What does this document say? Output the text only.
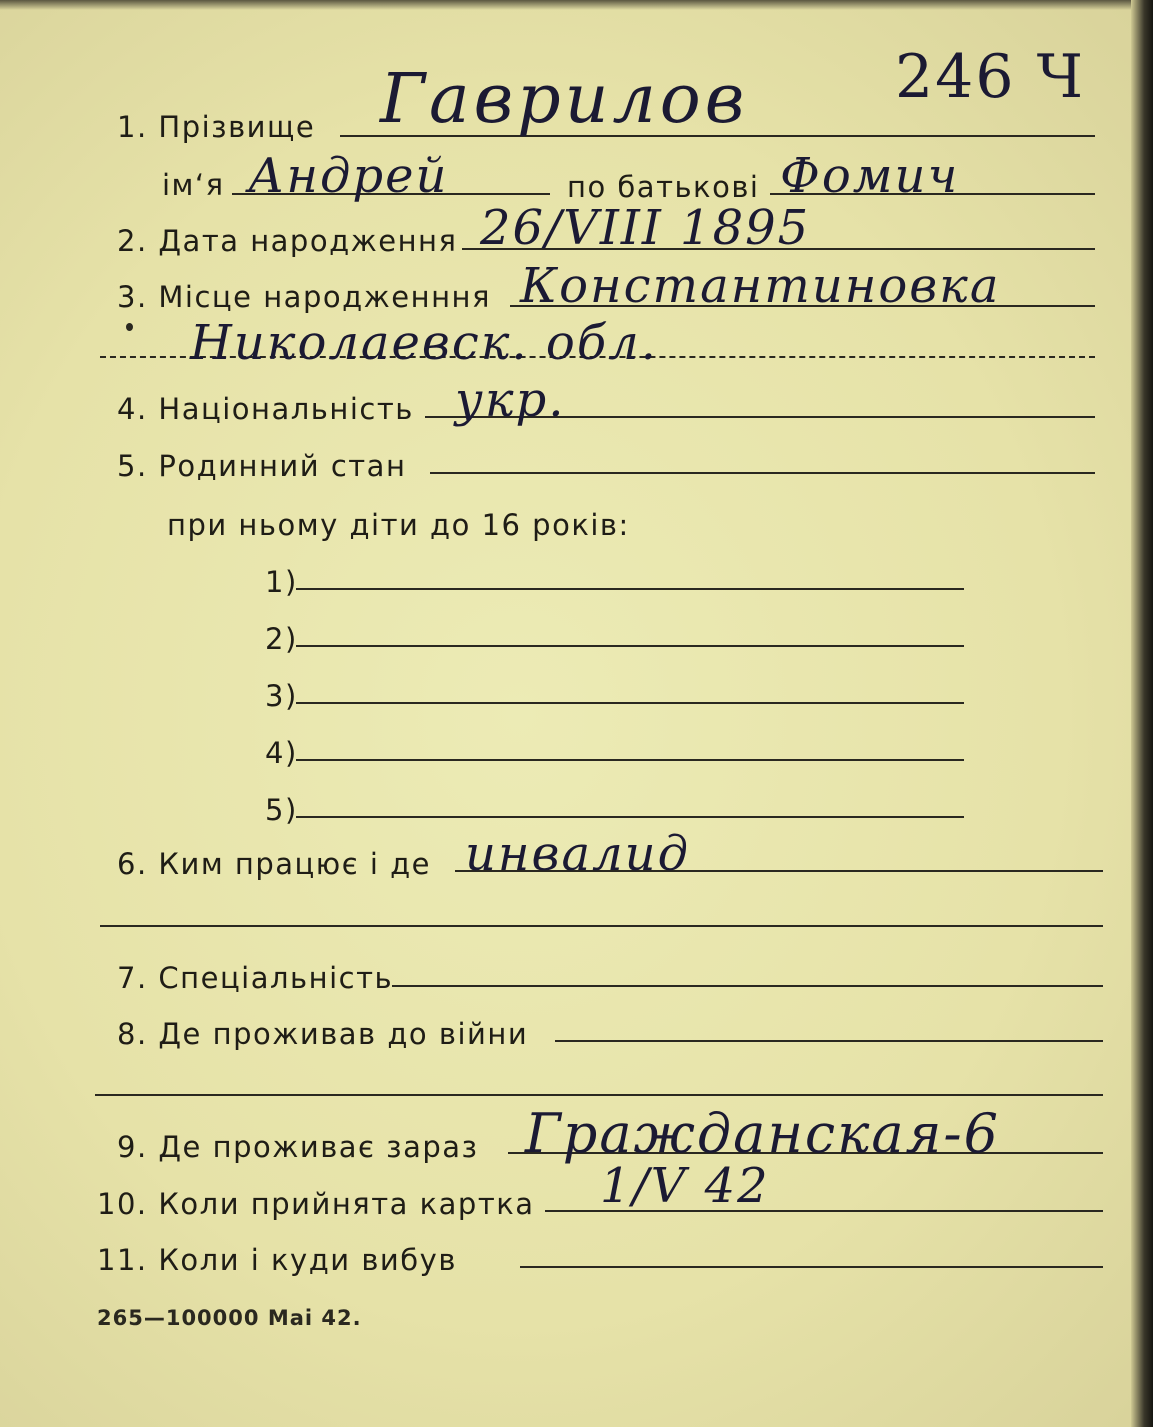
1. Прізвище Гаврилов 246 Ч
ім‘я Андрей	по батькові Фомич
2. Дата народження 26/VIII 1895
3. Місце народженння Константиновка
Николаевск. обл.
4. Національність укр.
5. Родинний стан
при ньому діти до 16 років:
1)
2)
3)
4)
5)
6. Ким працює і де инвалид
7. Спеціальність
8. Де проживав до війни
9. Де проживає зараз Гражданская-6
10. Коли прийнята картка 1/V 42
11. Коли і куди вибув
265—100000 Mai 42.
